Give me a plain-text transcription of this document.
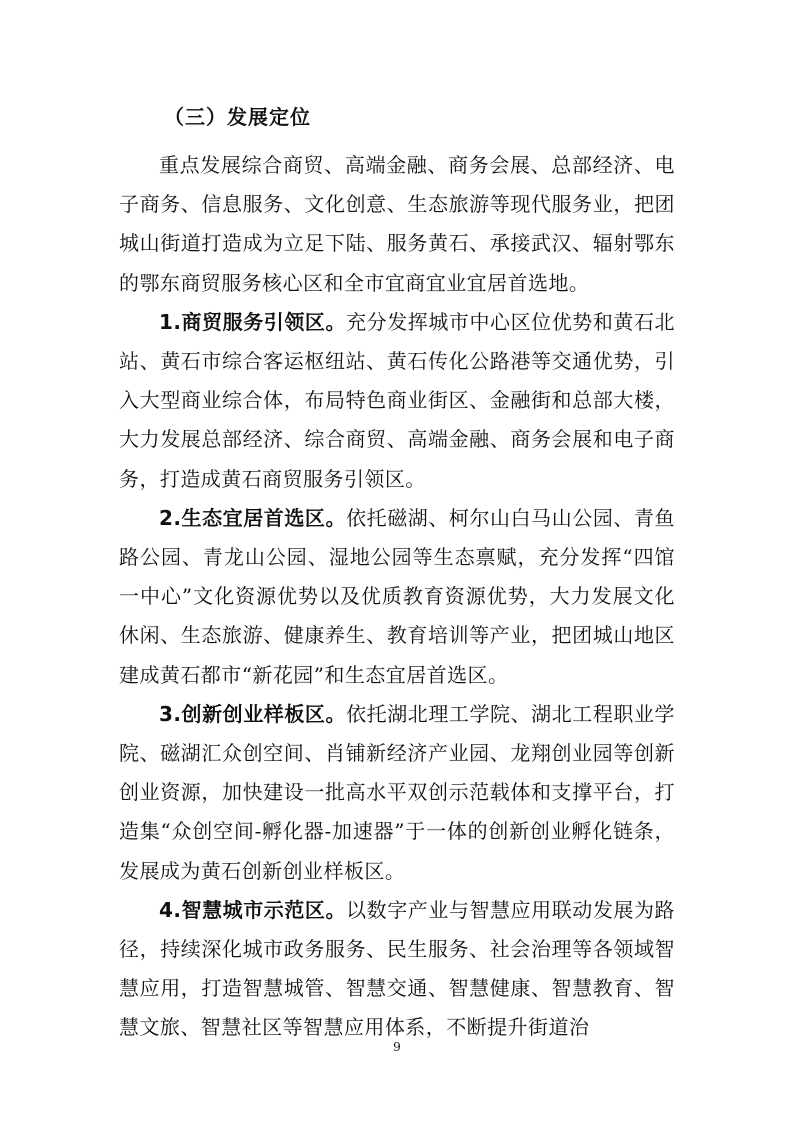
（三）发展定位

重点发展综合商贸、高端金融、商务会展、总部经济、电子商务、信息服务、文化创意、生态旅游等现代服务业，把团城山街道打造成为立足下陆、服务黄石、承接武汉、辐射鄂东的鄂东商贸服务核心区和全市宜商宜业宜居首选地。

1.商贸服务引领区。充分发挥城市中心区位优势和黄石北站、黄石市综合客运枢纽站、黄石传化公路港等交通优势，引入大型商业综合体，布局特色商业街区、金融街和总部大楼，大力发展总部经济、综合商贸、高端金融、商务会展和电子商务，打造成黄石商贸服务引领区。

2.生态宜居首选区。依托磁湖、柯尔山白马山公园、青鱼路公园、青龙山公园、湿地公园等生态禀赋，充分发挥“四馆一中心”文化资源优势以及优质教育资源优势，大力发展文化休闲、生态旅游、健康养生、教育培训等产业，把团城山地区建成黄石都市“新花园”和生态宜居首选区。

3.创新创业样板区。依托湖北理工学院、湖北工程职业学院、磁湖汇众创空间、肖铺新经济产业园、龙翔创业园等创新创业资源，加快建设一批高水平双创示范载体和支撑平台，打造集“众创空间-孵化器-加速器”于一体的创新创业孵化链条，发展成为黄石创新创业样板区。

4.智慧城市示范区。以数字产业与智慧应用联动发展为路径，持续深化城市政务服务、民生服务、社会治理等各领域智慧应用，打造智慧城管、智慧交通、智慧健康、智慧教育、智慧文旅、智慧社区等智慧应用体系，不断提升街道治

9
